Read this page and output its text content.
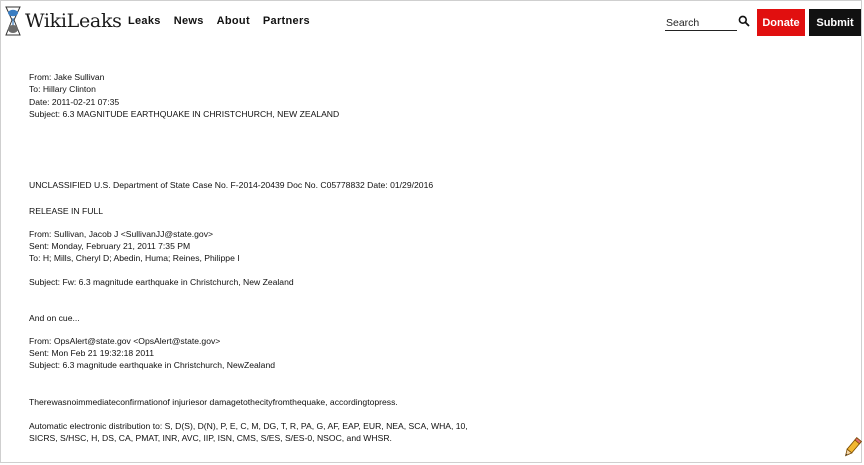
WikiLeaks Leaks News About Partners
Search	Donate	Submit
From: Jake Sullivan
To: Hillary Clinton
Date: 2011-02-21 07:35
Subject: 6.3 MAGNITUDE EARTHQUAKE IN CHRISTCHURCH, NEW ZEALAND
UNCLASSIFIED U.S. Department of State Case No. F-2014-20439 Doc No. C05778832 Date: 01/29/2016
RELEASE IN FULL
From: Sullivan, Jacob J <SullivanJJ@state.gov>
Sent: Monday, February 21, 2011 7:35 PM
To: H; Mills, Cheryl D; Abedin, Huma; Reines, Philippe I
Subject: Fw: 6.3 magnitude earthquake in Christchurch, New Zealand
And on cue...
From: OpsAlert@state.gov <OpsAlert@state.gov>
Sent: Mon Feb 21 19:32:18 2011
Subject: 6.3 magnitude earthquake in Christchurch, NewZealand
Therewasnoimmediateconfirmationof injuriesor damagetothecityfromthequake, accordingtopress.
Automatic electronic distribution to: S, D(S), D(N), P, E, C, M, DG, T, R, PA, G, AF, EAP, EUR, NEA, SCA, WHA, 10,
SICRS, S/HSC, H, DS, CA, PMAT, INR, AVC, IIP, ISN, CMS, S/ES, S/ES-0, NSOC, and WHSR.
